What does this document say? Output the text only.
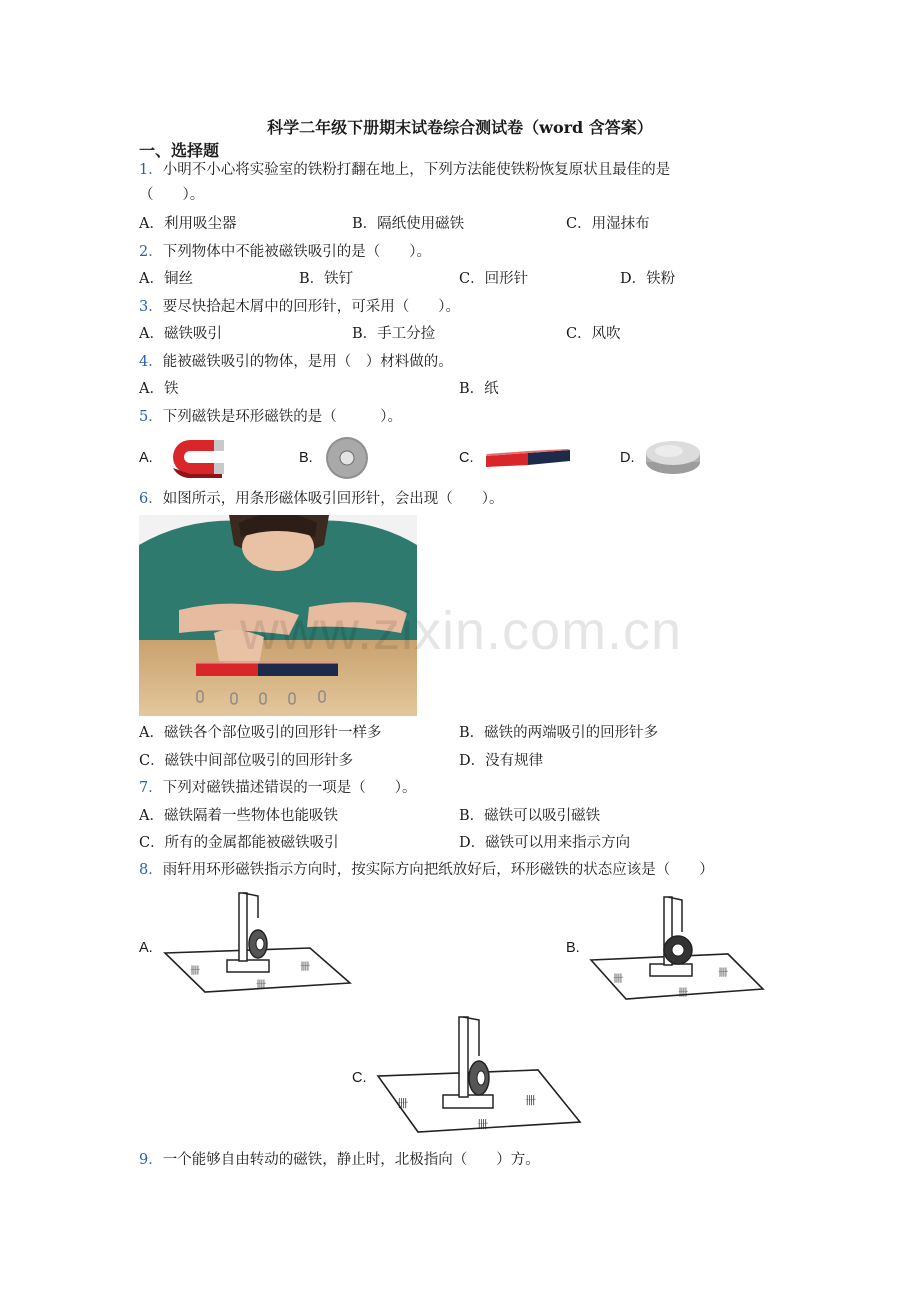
科学二年级下册期末试卷综合测试卷（word 含答案）
一、选择题
1．小明不小心将实验室的铁粉打翻在地上，下列方法能使铁粉恢复原状且最佳的是
（　　）。
A．利用吸尘器	B．隔纸使用磁铁	C．用湿抹布
2．下列物体中不能被磁铁吸引的是（　　）。
A．铜丝	B．铁钉	C．回形针	D．铁粉
3．要尽快拾起木屑中的回形针，可采用（　　）。
A．磁铁吸引	B．手工分捡	C．风吹
4．能被磁铁吸引的物体，是用（　）材料做的。
A．铁	B．纸
5．下列磁铁是环形磁铁的是（　　　）。
A.	B.	C.	D.
6．如图所示，用条形磁体吸引回形针，会出现（　　）。
www.zixin.com.cn
A．磁铁各个部位吸引的回形针一样多	B．磁铁的两端吸引的回形针多
C．磁铁中间部位吸引的回形针多	D．没有规律
7．下列对磁铁描述错误的一项是（　　）。
A．磁铁隔着一些物体也能吸铁	B．磁铁可以吸引磁铁
C．所有的金属都能被磁铁吸引	D．磁铁可以用来指示方向
8．雨轩用环形磁铁指示方向时，按实际方向把纸放好后，环形磁铁的状态应该是（　　）
A.
卌	卌
卌
B.
卌
卌
卌
C.
卌	卌
卌
9．一个能够自由转动的磁铁，静止时，北极指向（　　）方。
